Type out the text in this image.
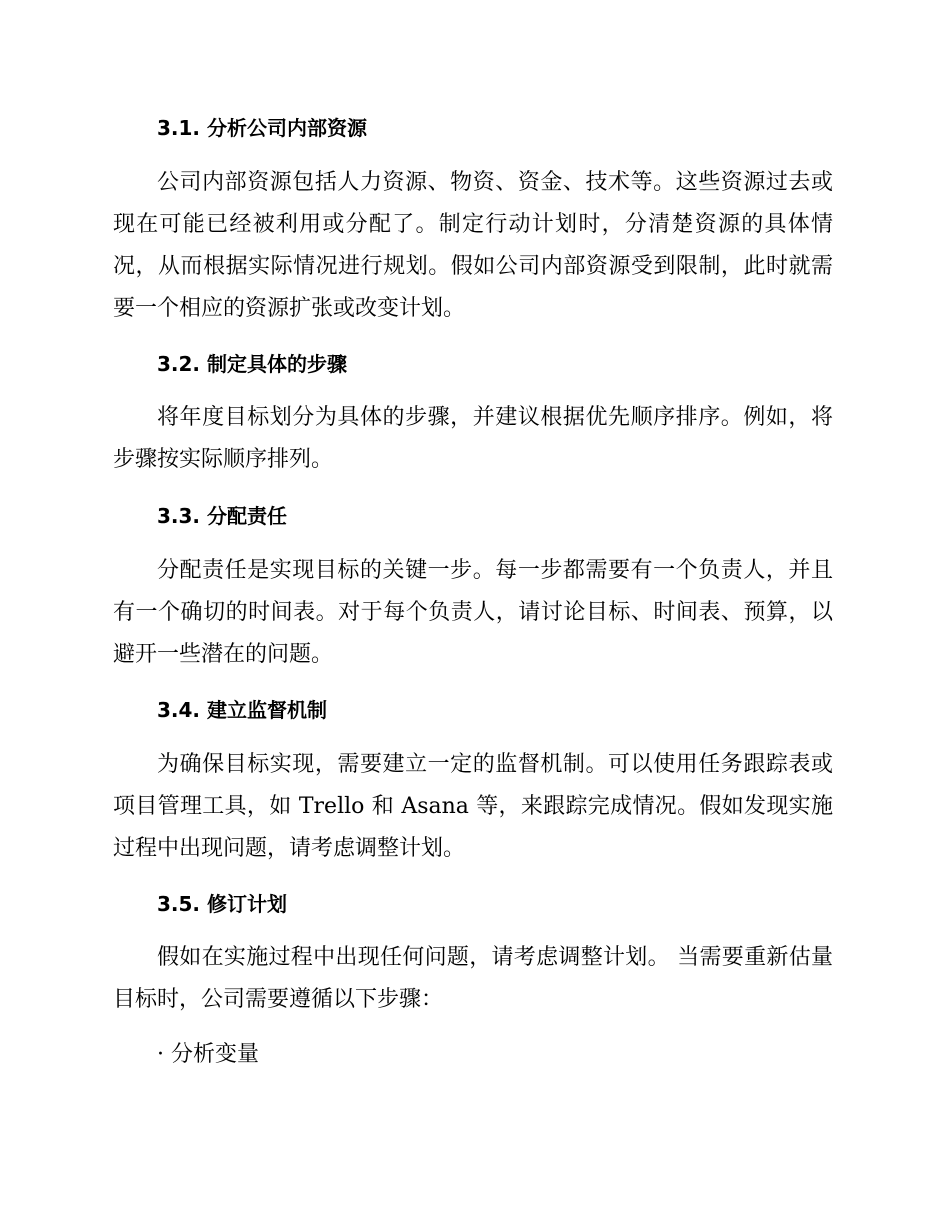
3.1. 分析公司内部资源
公司内部资源包括人力资源、物资、资金、技术等。这些资源过去或现在可能已经被利用或分配了。制定行动计划时，分清楚资源的具体情况，从而根据实际情况进行规划。假如公司内部资源受到限制，此时就需要一个相应的资源扩张或改变计划。
3.2. 制定具体的步骤
将年度目标划分为具体的步骤，并建议根据优先顺序排序。例如，将步骤按实际顺序排列。
3.3. 分配责任
分配责任是实现目标的关键一步。每一步都需要有一个负责人，并且有一个确切的时间表。对于每个负责人，请讨论目标、时间表、预算，以避开一些潜在的问题。
3.4. 建立监督机制
为确保目标实现，需要建立一定的监督机制。可以使用任务跟踪表或项目管理工具，如 Trello 和 Asana 等，来跟踪完成情况。假如发现实施过程中出现问题，请考虑调整计划。
3.5. 修订计划
假如在实施过程中出现任何问题，请考虑调整计划。 当需要重新估量目标时，公司需要遵循以下步骤：
· 分析变量
